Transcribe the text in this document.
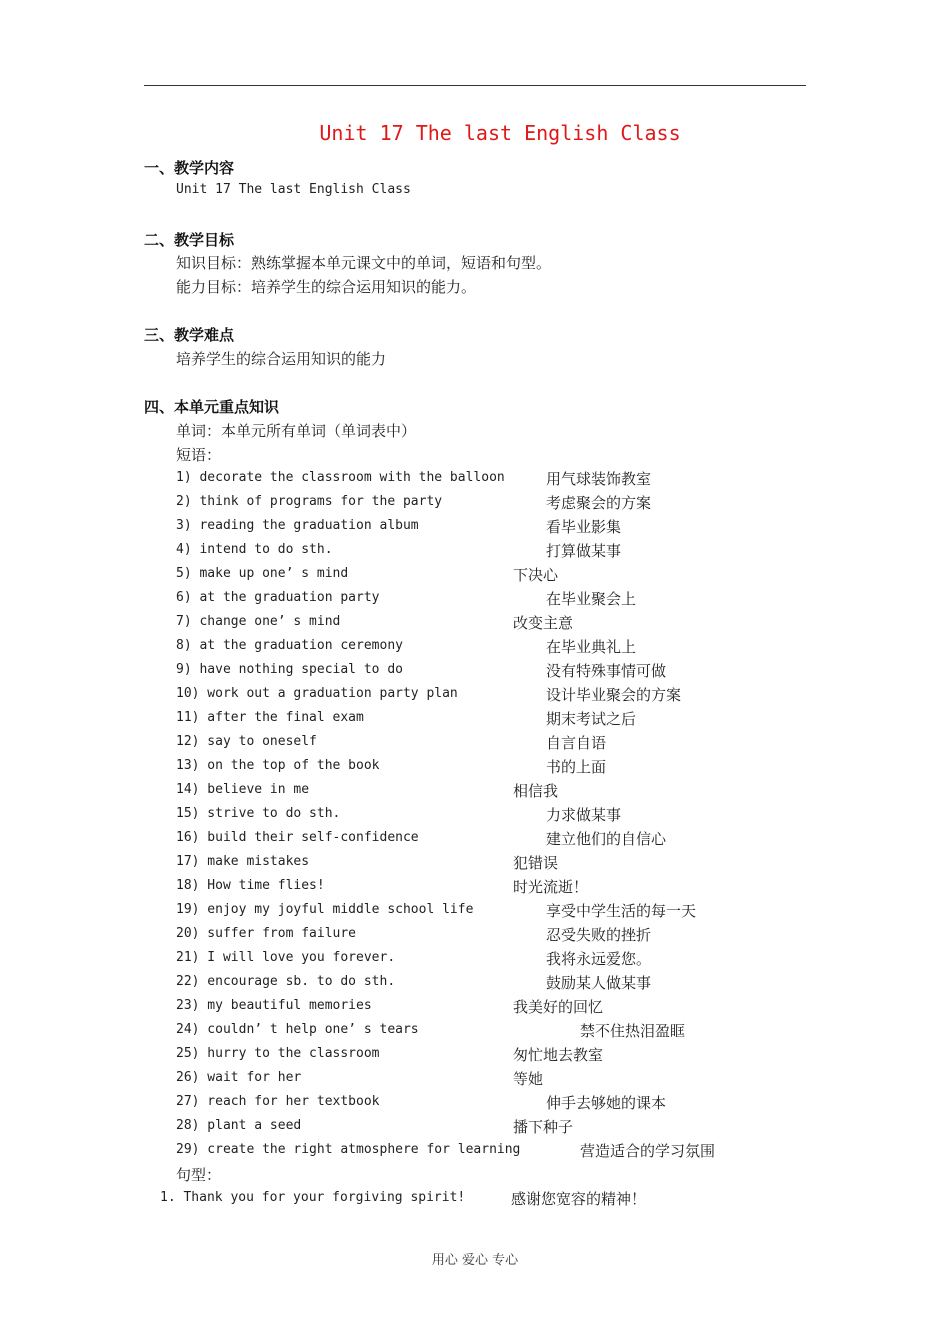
Unit 17 The last English Class
一、教学内容
Unit 17 The last English Class
二、教学目标
知识目标：熟练掌握本单元课文中的单词，短语和句型。
能力目标：培养学生的综合运用知识的能力。
三、教学难点
培养学生的综合运用知识的能力
四、本单元重点知识
单词：本单元所有单词（单词表中）
短语：
1) decorate the classroom with the balloon	用气球装饰教室
2) think of programs for the party	考虑聚会的方案
3) reading the graduation album	看毕业影集
4) intend to do sth.	打算做某事
5) make up one’ s mind	下决心
6) at the graduation party	在毕业聚会上
7) change one’ s mind	改变主意
8) at the graduation ceremony	在毕业典礼上
9) have nothing special to do	没有特殊事情可做
10) work out a graduation party plan	设计毕业聚会的方案
11) after the final exam	期末考试之后
12) say to oneself	自言自语
13) on the top of the book	书的上面
14) believe in me	相信我
15) strive to do sth.	力求做某事
16) build their self-confidence	建立他们的自信心
17) make mistakes	犯错误
18) How time flies!	时光流逝！
19) enjoy my joyful middle school life	享受中学生活的每一天
20) suffer from failure	忍受失败的挫折
21) I will love you forever.	我将永远爱您。
22) encourage sb. to do sth.	鼓励某人做某事
23) my beautiful memories	我美好的回忆
24) couldn’ t help one’ s tears	禁不住热泪盈眶
25) hurry to the classroom	匆忙地去教室
26) wait for her	等她
27) reach for her textbook	伸手去够她的课本
28) plant a seed	播下种子
29) create the right atmosphere for learning	营造适合的学习氛围
句型：
1. Thank you for your forgiving spirit!	感谢您宽容的精神！
用心 爱心 专心
